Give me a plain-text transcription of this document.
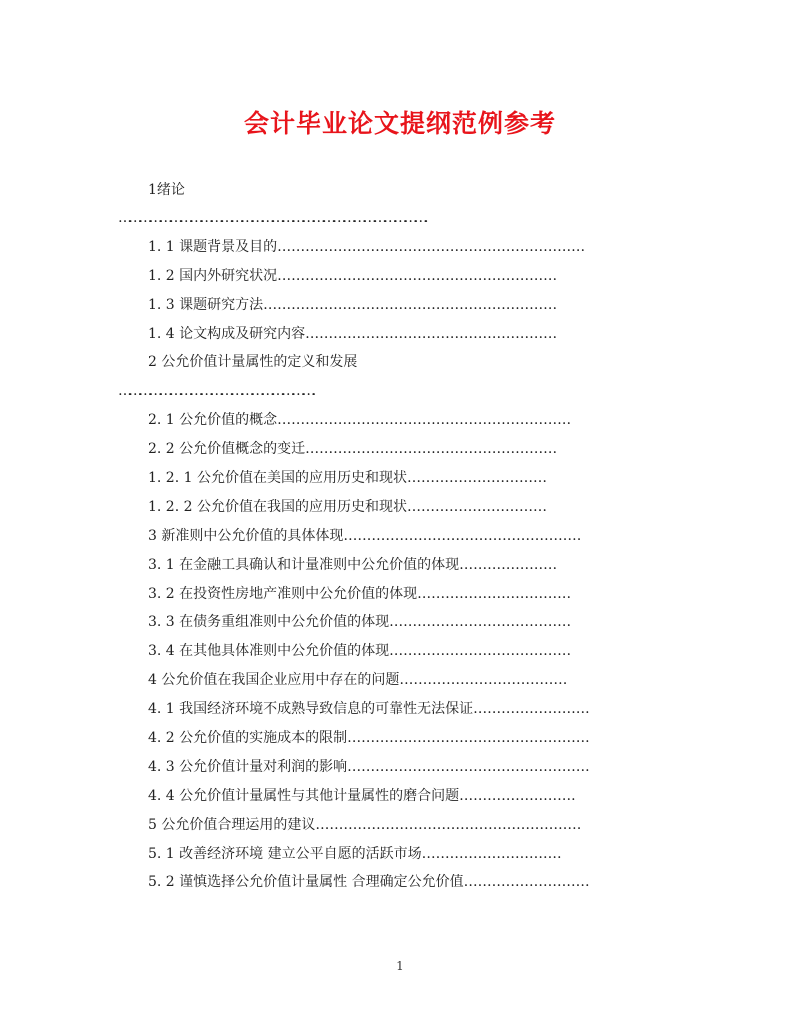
会计毕业论文提纲范例参考
1绪论
……………………………………………………………………………….
1. 1 课题背景及目的…………………………………………………………
1. 2 国内外研究状况……………………………………………………
1. 3 课题研究方法………………………………………………………
1. 4 论文构成及研究内容………………………………………………
2 公允价值计量属性的定义和发展
………………………………………………….
2. 1 公允价值的概念………………………………………………………
2. 2 公允价值概念的变迁………………………………………………
1. 2. 1 公允价值在美国的应用历史和现状…………………………
1. 2. 2 公允价值在我国的应用历史和现状…………………………
3 新准则中公允价值的具体体现……………………………………………
3. 1 在金融工具确认和计量准则中公允价值的体现…………………
3. 2 在投资性房地产准则中公允价值的体现……………………………
3. 3 在债务重组准则中公允价值的体现…………………………………
3. 4 在其他具体准则中公允价值的体现…………………………………
4 公允价值在我国企业应用中存在的问题………………………………
4. 1 我国经济环境不成熟导致信息的可靠性无法保证…………………….
4. 2 公允价值的实施成本的限制…………………………………………….
4. 3 公允价值计量对利润的影响…………………………………………….
4. 4 公允价值计量属性与其他计量属性的磨合问题…………………….
5 公允价值合理运用的建议…………………………………………………
5. 1 改善经济环境 建立公平自愿的活跃市场…………………………
5. 2 谨慎选择公允价值计量属性 合理确定公允价值………………………
1
